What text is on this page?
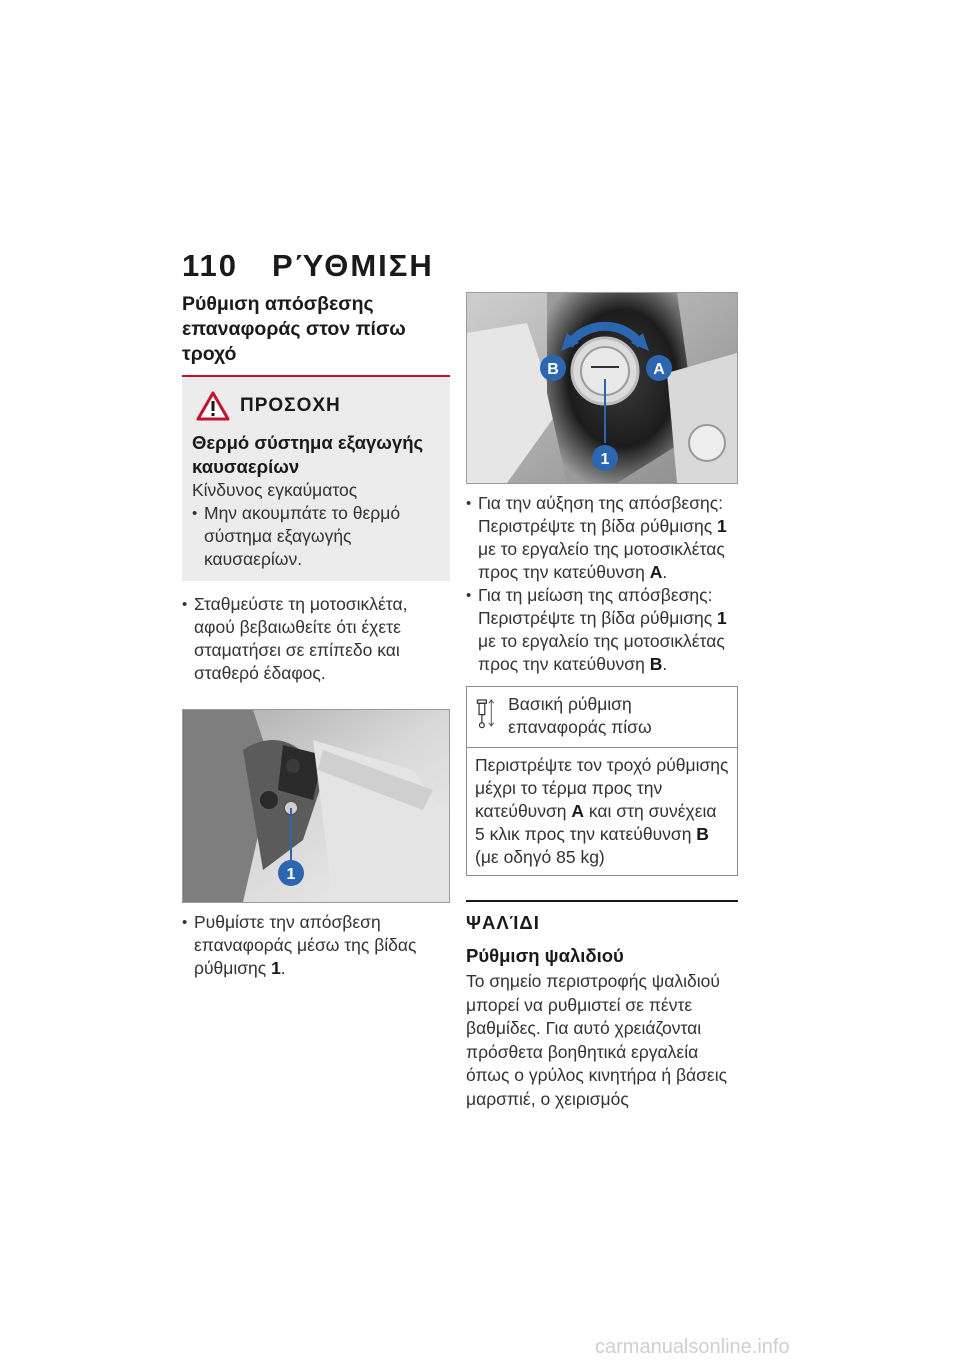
110	ΡΎΘΜΙΣΗ
Ρύθμιση απόσβεσης επαναφοράς στον πίσω τροχό
ΠΡΟΣΟΧΗ
Θερμό σύστημα εξαγωγής καυσαερίων
Κίνδυνος εγκαύματος
• Μην ακουμπάτε το θερμό σύστημα εξαγωγής καυσαερίων.
• Σταθμεύστε τη μοτοσικλέτα, αφού βεβαιωθείτε ότι έχετε σταματήσει σε επίπεδο και σταθερό έδαφος.
1
• Ρυθμίστε την απόσβεση επαναφοράς μέσω της βίδας ρύθμισης 1.
B	A
1
• Για την αύξηση της απόσβεσης: Περιστρέψτε τη βίδα ρύθμισης 1 με το εργαλείο της μοτοσικλέτας προς την κατεύθυνση A.
• Για τη μείωση της απόσβεσης: Περιστρέψτε τη βίδα ρύθμισης 1 με το εργαλείο της μοτοσικλέτας προς την κατεύθυνση B.
Βασική ρύθμιση επαναφοράς πίσω
Περιστρέψτε τον τροχό ρύθμισης μέχρι το τέρμα προς την κατεύθυνση A και στη συνέχεια 5 κλικ προς την κατεύθυνση B (με οδηγό 85 kg)
ΨΑΛΊΔΙ
Ρύθμιση ψαλιδιού
Το σημείο περιστροφής ψαλιδιού μπορεί να ρυθμιστεί σε πέντε βαθμίδες. Για αυτό χρειάζονται πρόσθετα βοηθητικά εργαλεία όπως ο γρύλος κινητήρα ή βάσεις μαρσπιέ, ο χειρισμός
carmanualsonline.info
